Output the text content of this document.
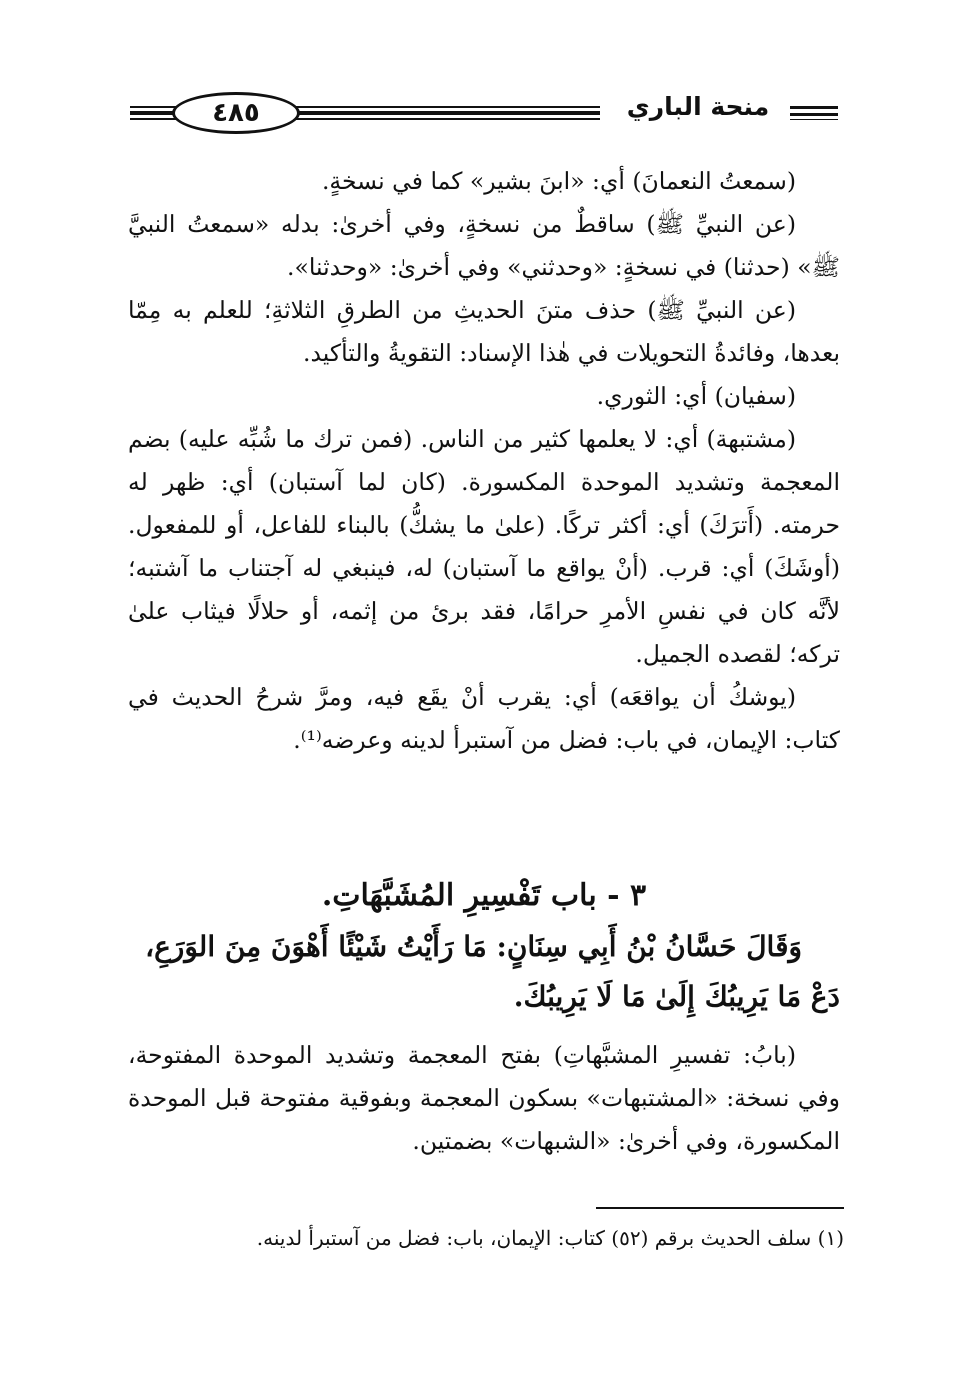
٤٨٥	منحة الباري

(سمعتُ النعمانَ) أي: «ابنَ بشير» كما في نسخةٍ.

(عن النبيِّ ﷺ) ساقطٌ من نسخةٍ، وفي أخرىٰ: بدله «سمعتُ النبيَّ ﷺ» (حدثنا) في نسخةٍ: «وحدثني» وفي أخرىٰ: «وحدثنا».

(عن النبيِّ ﷺ) حذف متنَ الحديثِ من الطرقِ الثلاثةِ؛ للعلم به مِمّا بعدها، وفائدةُ التحويلات في هٰذا الإسناد: التقويةُ والتأكيد.

(سفيان) أي: الثوري.

(مشتبهة) أي: لا يعلمها كثير من الناس. (فمن ترك ما شُبِّه عليه) بضم المعجمة وتشديد الموحدة المكسورة. (كان لما آستبان) أي: ظهر له حرمته. (أَترَكَ) أي: أكثر تركًا. (علىٰ ما يشكُّ) بالبناء للفاعل، أو للمفعول. (أوشَكَ) أي: قرب. (أنْ يواقع ما آستبان) له، فينبغي له آجتناب ما آشتبه؛ لأنَّه كان في نفسِ الأمرِ حرامًا، فقد برئ من إثمه، أو حلالًا فيثاب علىٰ تركه؛ لقصده الجميل.

(يوشكُ أن يواقعَه) أي: يقرب أنْ يقَع فيه، ومرَّ شرحُ الحديث في كتاب: الإيمان، في باب: فضل من آستبرأ لدينه وعرضه⁽¹⁾.

٣ - باب تَفْسِيرِ المُشَبَّهَاتِ.
وَقَالَ حَسَّانُ بْنُ أَبِي سِنَانٍ: مَا رَأَيْتُ شَيْئًا أَهْوَنَ مِنَ الوَرَعِ،
دَعْ مَا يَرِيبُكَ إِلَىٰ مَا لَا يَرِيبُكَ.

(بابُ: تفسيرِ المشبَّهاتِ) بفتح المعجمة وتشديد الموحدة المفتوحة، وفي نسخة: «المشتبهات» بسكون المعجمة وبفوقية مفتوحة قبل الموحدة المكسورة، وفي أخرىٰ: «الشبهات» بضمتين.

(١) سلف الحديث برقم (٥٢) كتاب: الإيمان، باب: فضل من آستبرأ لدينه.
